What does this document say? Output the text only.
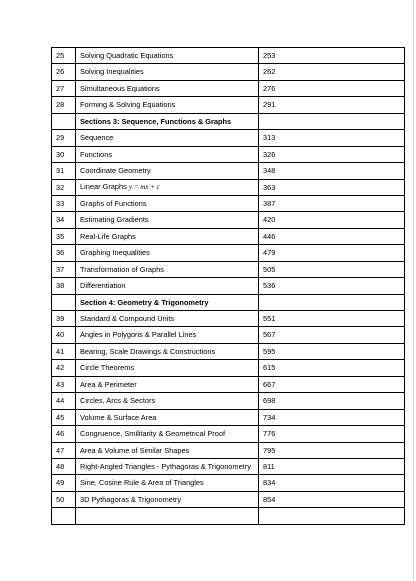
25	Solving Quadratic Equations	253
26	Solving Inequalities	262
27	Simultaneous Equations	276
28	Forming & Solving Equations	291
	Sections 3: Sequence, Functions & Graphs	
29	Sequence	313
30	Functions	326
31	Coordinate Geometry	348
32	Linear Graphs y = mx + c	363
33	Graphs of Functions	387
34	Estimating Gradients	420
35	Real-Life Graphs	446
36	Graphing Inequalities	479
37	Transformation of Graphs	505
38	Differentiation	536
	Section 4: Geometry & Trigonometry	
39	Standard & Compound Units	551
40	Angles in Polygons & Parallel Lines	567
41	Bearing, Scale Drawings & Constructions	595
42	Circle Theorems	615
43	Area & Perimeter	667
44	Circles, Arcs & Sectors	698
45	Volume & Surface Area	734
46	Congruence, Smilitarity & Geometrical Proof	776
47	Area & Volume of Similar Shapes	795
48	Right-Angled Triangles - Pythagoras & Trigonometry	811
49	Sine, Cosine Rule & Area of Triangles	834
50	3D Pythagoras & Trigonometry	854
